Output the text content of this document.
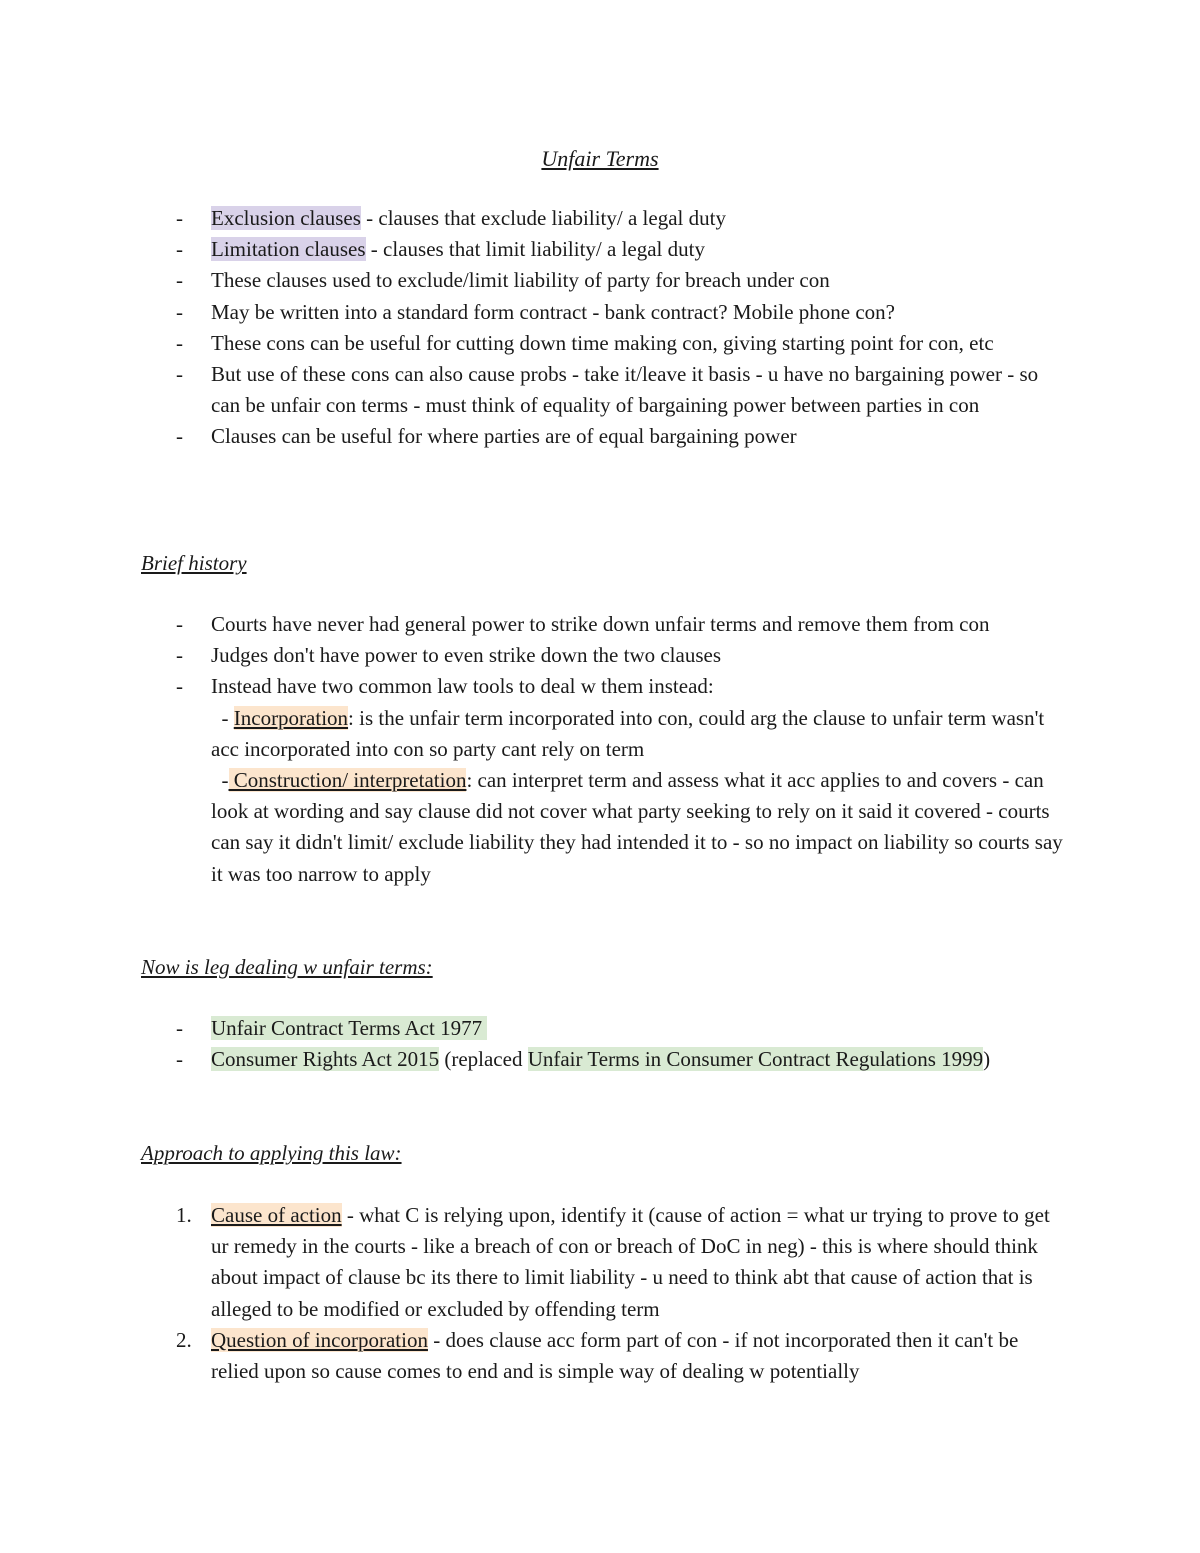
Unfair Terms
- Exclusion clauses - clauses that exclude liability/ a legal duty
- Limitation clauses - clauses that limit liability/ a legal duty
- These clauses used to exclude/limit liability of party for breach under con
- May be written into a standard form contract - bank contract? Mobile phone con?
- These cons can be useful for cutting down time making con, giving starting point for con, etc
- But use of these cons can also cause probs - take it/leave it basis - u have no bargaining power - so can be unfair con terms - must think of equality of bargaining power between parties in con
- Clauses can be useful for where parties are of equal bargaining power
Brief history
- Courts have never had general power to strike down unfair terms and remove them from con
- Judges don't have power to even strike down the two clauses
- Instead have two common law tools to deal w them instead:
- Incorporation: is the unfair term incorporated into con, could arg the clause to unfair term wasn't acc incorporated into con so party cant rely on term
- Construction/ interpretation: can interpret term and assess what it acc applies to and covers - can look at wording and say clause did not cover what party seeking to rely on it said it covered - courts can say it didn't limit/ exclude liability they had intended it to - so no impact on liability so courts say it was too narrow to apply
Now is leg dealing w unfair terms:
- Unfair Contract Terms Act 1977
- Consumer Rights Act 2015 (replaced Unfair Terms in Consumer Contract Regulations 1999)
Approach to applying this law:
1. Cause of action - what C is relying upon, identify it (cause of action = what ur trying to prove to get ur remedy in the courts - like a breach of con or breach of DoC in neg) - this is where should think about impact of clause bc its there to limit liability - u need to think abt that cause of action that is alleged to be modified or excluded by offending term
2. Question of incorporation - does clause acc form part of con - if not incorporated then it can't be relied upon so cause comes to end and is simple way of dealing w potentially
